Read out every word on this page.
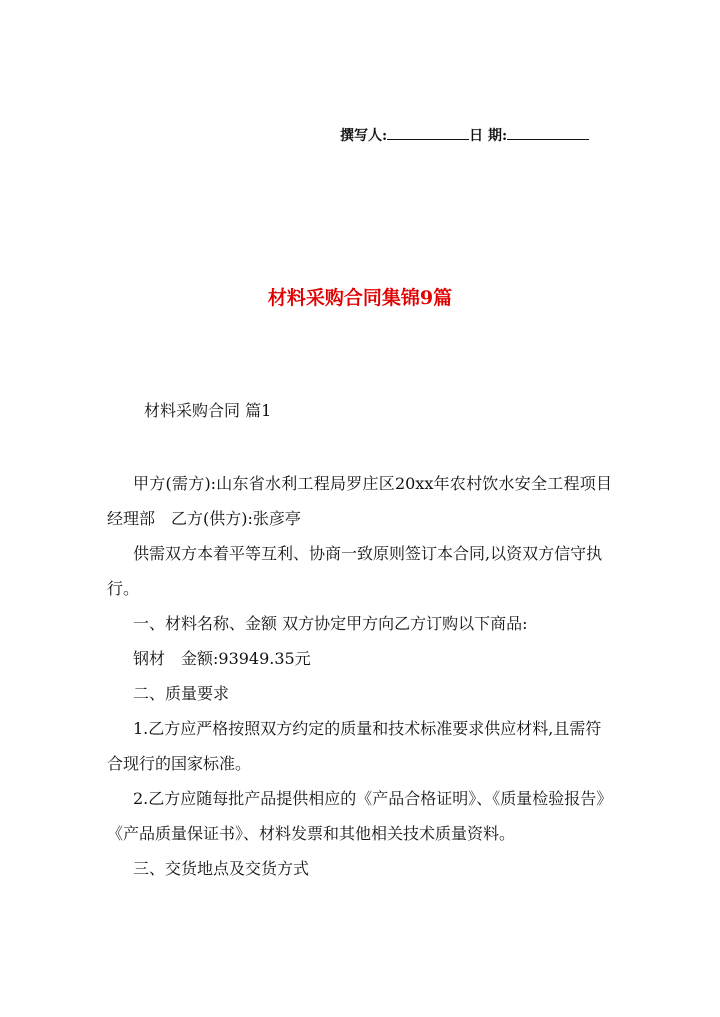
撰写人:	日 期:
材料采购合同集锦9篇
材料采购合同 篇1

甲方(需方):山东省水利工程局罗庄区20xx年农村饮水安全工程项目经理部　乙方(供方):张彦亭

供需双方本着平等互利、协商一致原则签订本合同,以资双方信守执行。

一、材料名称、金额 双方协定甲方向乙方订购以下商品:

钢材　金额:93949.35元

二、质量要求

1.乙方应严格按照双方约定的质量和技术标准要求供应材料,且需符合现行的国家标准。

2.乙方应随每批产品提供相应的《产品合格证明》、《质量检验报告》《产品质量保证书》、材料发票和其他相关技术质量资料。

三、交货地点及交货方式
